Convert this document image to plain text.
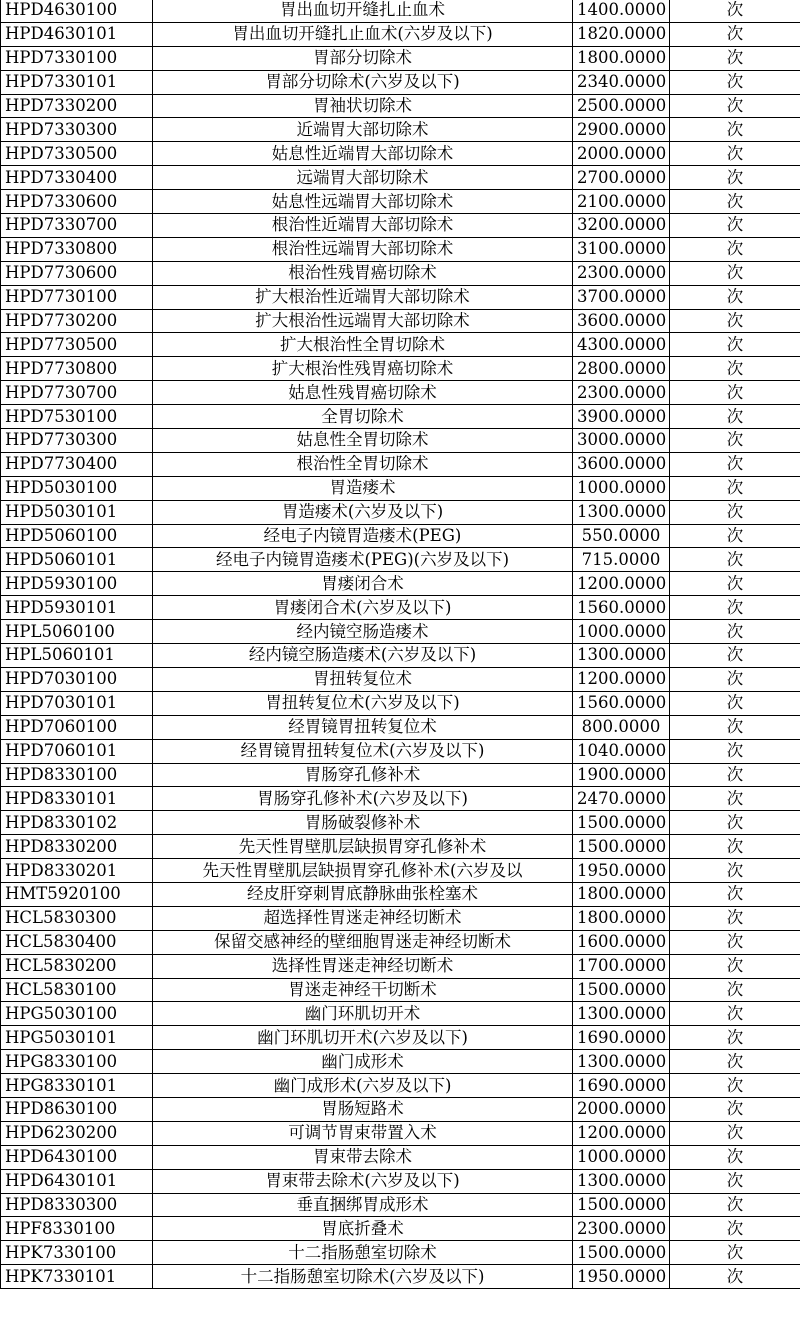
HPD4630100	胃出血切开缝扎止血术	1400.0000	次
HPD4630101	胃出血切开缝扎止血术(六岁及以下)	1820.0000	次
HPD7330100	胃部分切除术	1800.0000	次
HPD7330101	胃部分切除术(六岁及以下)	2340.0000	次
HPD7330200	胃袖状切除术	2500.0000	次
HPD7330300	近端胃大部切除术	2900.0000	次
HPD7330500	姑息性近端胃大部切除术	2000.0000	次
HPD7330400	远端胃大部切除术	2700.0000	次
HPD7330600	姑息性远端胃大部切除术	2100.0000	次
HPD7330700	根治性近端胃大部切除术	3200.0000	次
HPD7330800	根治性远端胃大部切除术	3100.0000	次
HPD7730600	根治性残胃癌切除术	2300.0000	次
HPD7730100	扩大根治性近端胃大部切除术	3700.0000	次
HPD7730200	扩大根治性远端胃大部切除术	3600.0000	次
HPD7730500	扩大根治性全胃切除术	4300.0000	次
HPD7730800	扩大根治性残胃癌切除术	2800.0000	次
HPD7730700	姑息性残胃癌切除术	2300.0000	次
HPD7530100	全胃切除术	3900.0000	次
HPD7730300	姑息性全胃切除术	3000.0000	次
HPD7730400	根治性全胃切除术	3600.0000	次
HPD5030100	胃造瘘术	1000.0000	次
HPD5030101	胃造瘘术(六岁及以下)	1300.0000	次
HPD5060100	经电子内镜胃造瘘术(PEG)	550.0000	次
HPD5060101	经电子内镜胃造瘘术(PEG)(六岁及以下)	715.0000	次
HPD5930100	胃瘘闭合术	1200.0000	次
HPD5930101	胃瘘闭合术(六岁及以下)	1560.0000	次
HPL5060100	经内镜空肠造瘘术	1000.0000	次
HPL5060101	经内镜空肠造瘘术(六岁及以下)	1300.0000	次
HPD7030100	胃扭转复位术	1200.0000	次
HPD7030101	胃扭转复位术(六岁及以下)	1560.0000	次
HPD7060100	经胃镜胃扭转复位术	800.0000	次
HPD7060101	经胃镜胃扭转复位术(六岁及以下)	1040.0000	次
HPD8330100	胃肠穿孔修补术	1900.0000	次
HPD8330101	胃肠穿孔修补术(六岁及以下)	2470.0000	次
HPD8330102	胃肠破裂修补术	1500.0000	次
HPD8330200	先天性胃壁肌层缺损胃穿孔修补术	1500.0000	次
HPD8330201	先天性胃壁肌层缺损胃穿孔修补术(六岁及以	1950.0000	次
HMT5920100	经皮肝穿刺胃底静脉曲张栓塞术	1800.0000	次
HCL5830300	超选择性胃迷走神经切断术	1800.0000	次
HCL5830400	保留交感神经的壁细胞胃迷走神经切断术	1600.0000	次
HCL5830200	选择性胃迷走神经切断术	1700.0000	次
HCL5830100	胃迷走神经干切断术	1500.0000	次
HPG5030100	幽门环肌切开术	1300.0000	次
HPG5030101	幽门环肌切开术(六岁及以下)	1690.0000	次
HPG8330100	幽门成形术	1300.0000	次
HPG8330101	幽门成形术(六岁及以下)	1690.0000	次
HPD8630100	胃肠短路术	2000.0000	次
HPD6230200	可调节胃束带置入术	1200.0000	次
HPD6430100	胃束带去除术	1000.0000	次
HPD6430101	胃束带去除术(六岁及以下)	1300.0000	次
HPD8330300	垂直捆绑胃成形术	1500.0000	次
HPF8330100	胃底折叠术	2300.0000	次
HPK7330100	十二指肠憩室切除术	1500.0000	次
HPK7330101	十二指肠憩室切除术(六岁及以下)	1950.0000	次
